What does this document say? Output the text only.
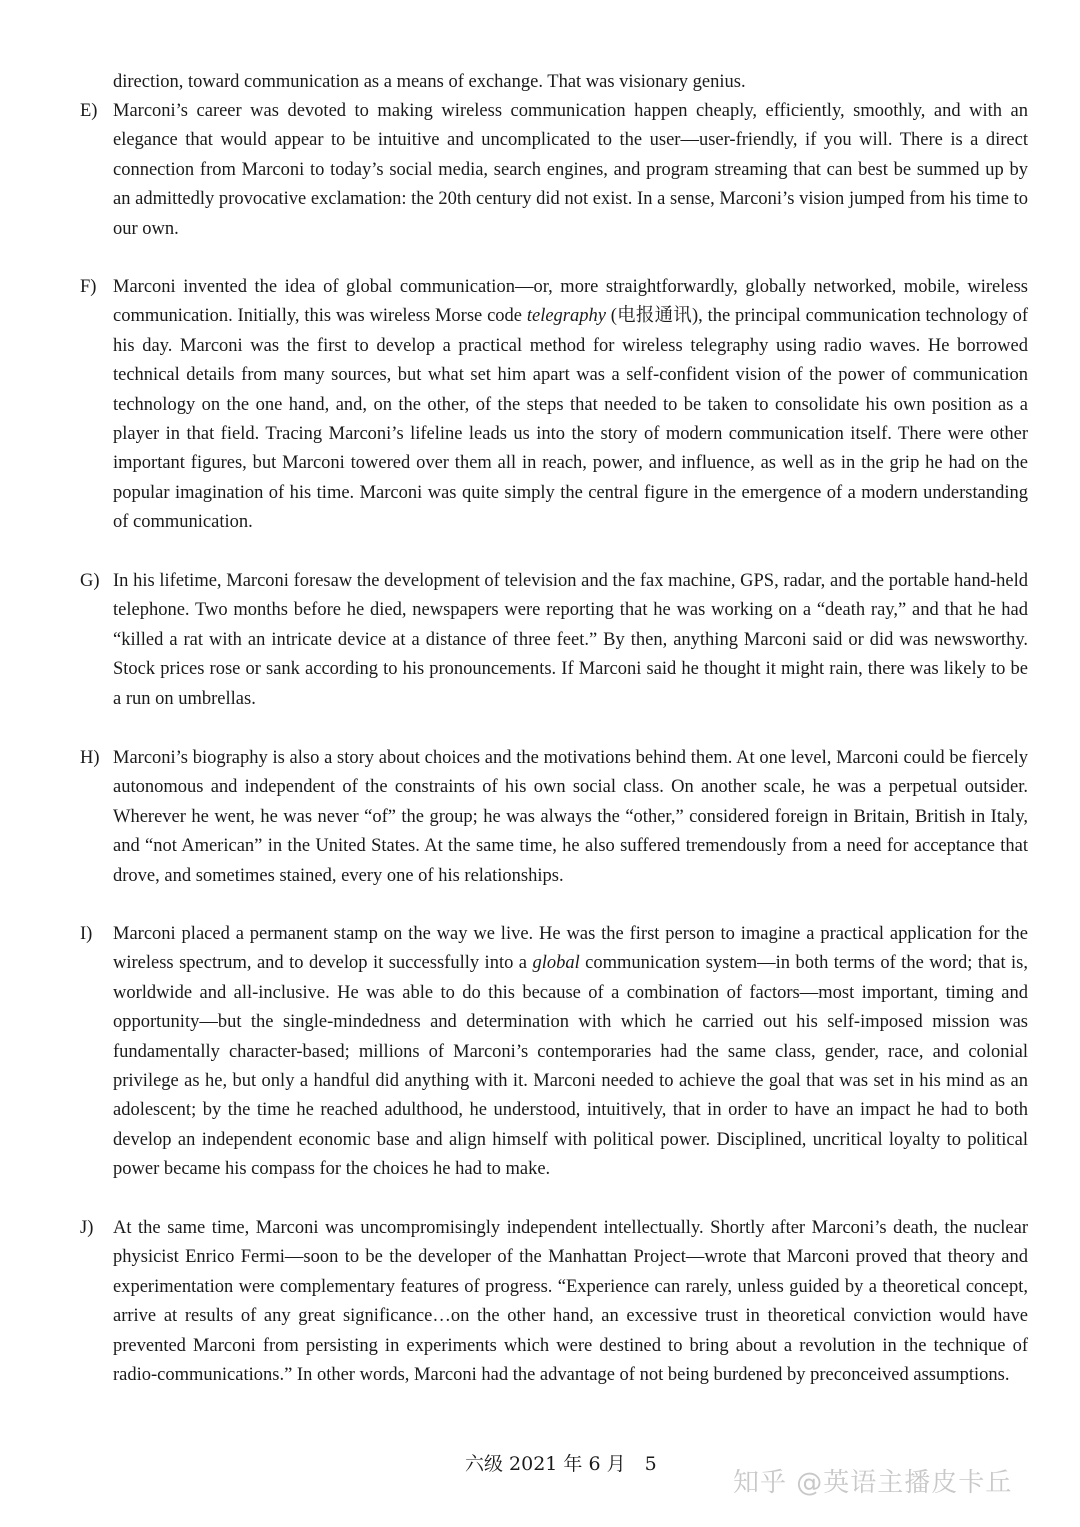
direction, toward communication as a means of exchange. That was visionary genius.

E) Marconi’s career was devoted to making wireless communication happen cheaply, efficiently, smoothly, and with an elegance that would appear to be intuitive and uncomplicated to the user—user-friendly, if you will. There is a direct connection from Marconi to today’s social media, search engines, and program streaming that can best be summed up by an admittedly provocative exclamation: the 20th century did not exist. In a sense, Marconi’s vision jumped from his time to our own.

F) Marconi invented the idea of global communication—or, more straightforwardly, globally networked, mobile, wireless communication. Initially, this was wireless Morse code telegraphy (电报通讯), the principal communication technology of his day. Marconi was the first to develop a practical method for wireless telegraphy using radio waves. He borrowed technical details from many sources, but what set him apart was a self-confident vision of the power of communication technology on the one hand, and, on the other, of the steps that needed to be taken to consolidate his own position as a player in that field. Tracing Marconi’s lifeline leads us into the story of modern communication itself. There were other important figures, but Marconi towered over them all in reach, power, and influence, as well as in the grip he had on the popular imagination of his time. Marconi was quite simply the central figure in the emergence of a modern understanding of communication.

G) In his lifetime, Marconi foresaw the development of television and the fax machine, GPS, radar, and the portable hand-held telephone. Two months before he died, newspapers were reporting that he was working on a “death ray,” and that he had “killed a rat with an intricate device at a distance of three feet.” By then, anything Marconi said or did was newsworthy. Stock prices rose or sank according to his pronouncements. If Marconi said he thought it might rain, there was likely to be a run on umbrellas.

H) Marconi’s biography is also a story about choices and the motivations behind them. At one level, Marconi could be fiercely autonomous and independent of the constraints of his own social class. On another scale, he was a perpetual outsider. Wherever he went, he was never “of” the group; he was always the “other,” considered foreign in Britain, British in Italy, and “not American” in the United States. At the same time, he also suffered tremendously from a need for acceptance that drove, and sometimes stained, every one of his relationships.

I) Marconi placed a permanent stamp on the way we live. He was the first person to imagine a practical application for the wireless spectrum, and to develop it successfully into a global communication system—in both terms of the word; that is, worldwide and all-inclusive. He was able to do this because of a combination of factors—most important, timing and opportunity—but the single-mindedness and determination with which he carried out his self-imposed mission was fundamentally character-based; millions of Marconi’s contemporaries had the same class, gender, race, and colonial privilege as he, but only a handful did anything with it. Marconi needed to achieve the goal that was set in his mind as an adolescent; by the time he reached adulthood, he understood, intuitively, that in order to have an impact he had to both develop an independent economic base and align himself with political power. Disciplined, uncritical loyalty to political power became his compass for the choices he had to make.

J) At the same time, Marconi was uncompromisingly independent intellectually. Shortly after Marconi’s death, the nuclear physicist Enrico Fermi—soon to be the developer of the Manhattan Project—wrote that Marconi proved that theory and experimentation were complementary features of progress. “Experience can rarely, unless guided by a theoretical concept, arrive at results of any great significance…on the other hand, an excessive trust in theoretical conviction would have prevented Marconi from persisting in experiments which were destined to bring about a revolution in the technique of radio-communications.” In other words, Marconi had the advantage of not being burdened by preconceived assumptions.

六级 2021 年 6 月　5
知乎 @英语主播皮卡丘
